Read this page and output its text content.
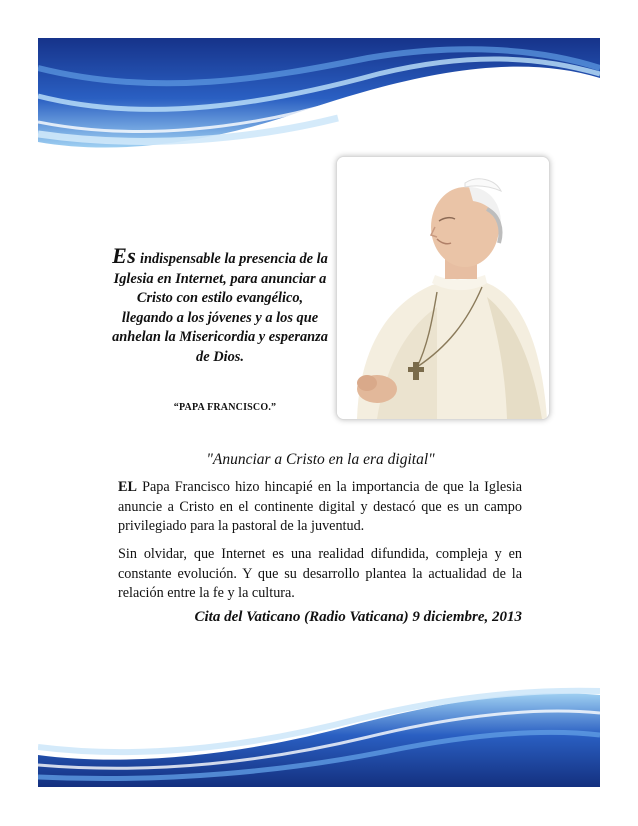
Es indispensable la presencia de la Iglesia en Internet, para anunciar a Cristo con estilo evangélico, llegando a los jóvenes y a los que anhelan la Misericordia y esperanza de Dios.
“PAPA FRANCISCO.”
"Anunciar a Cristo en la era digital"
EL Papa Francisco hizo hincapié en la importancia de que la Iglesia anuncie a Cristo en el continente digital y destacó que es un campo privilegiado para la pastoral de la juventud.
Sin olvidar, que Internet es una realidad difundida, compleja y en constante evolución. Y que su desarrollo plantea la actualidad de la relación entre la fe y la cultura.
Cita del Vaticano (Radio Vaticana) 9 diciembre, 2013
